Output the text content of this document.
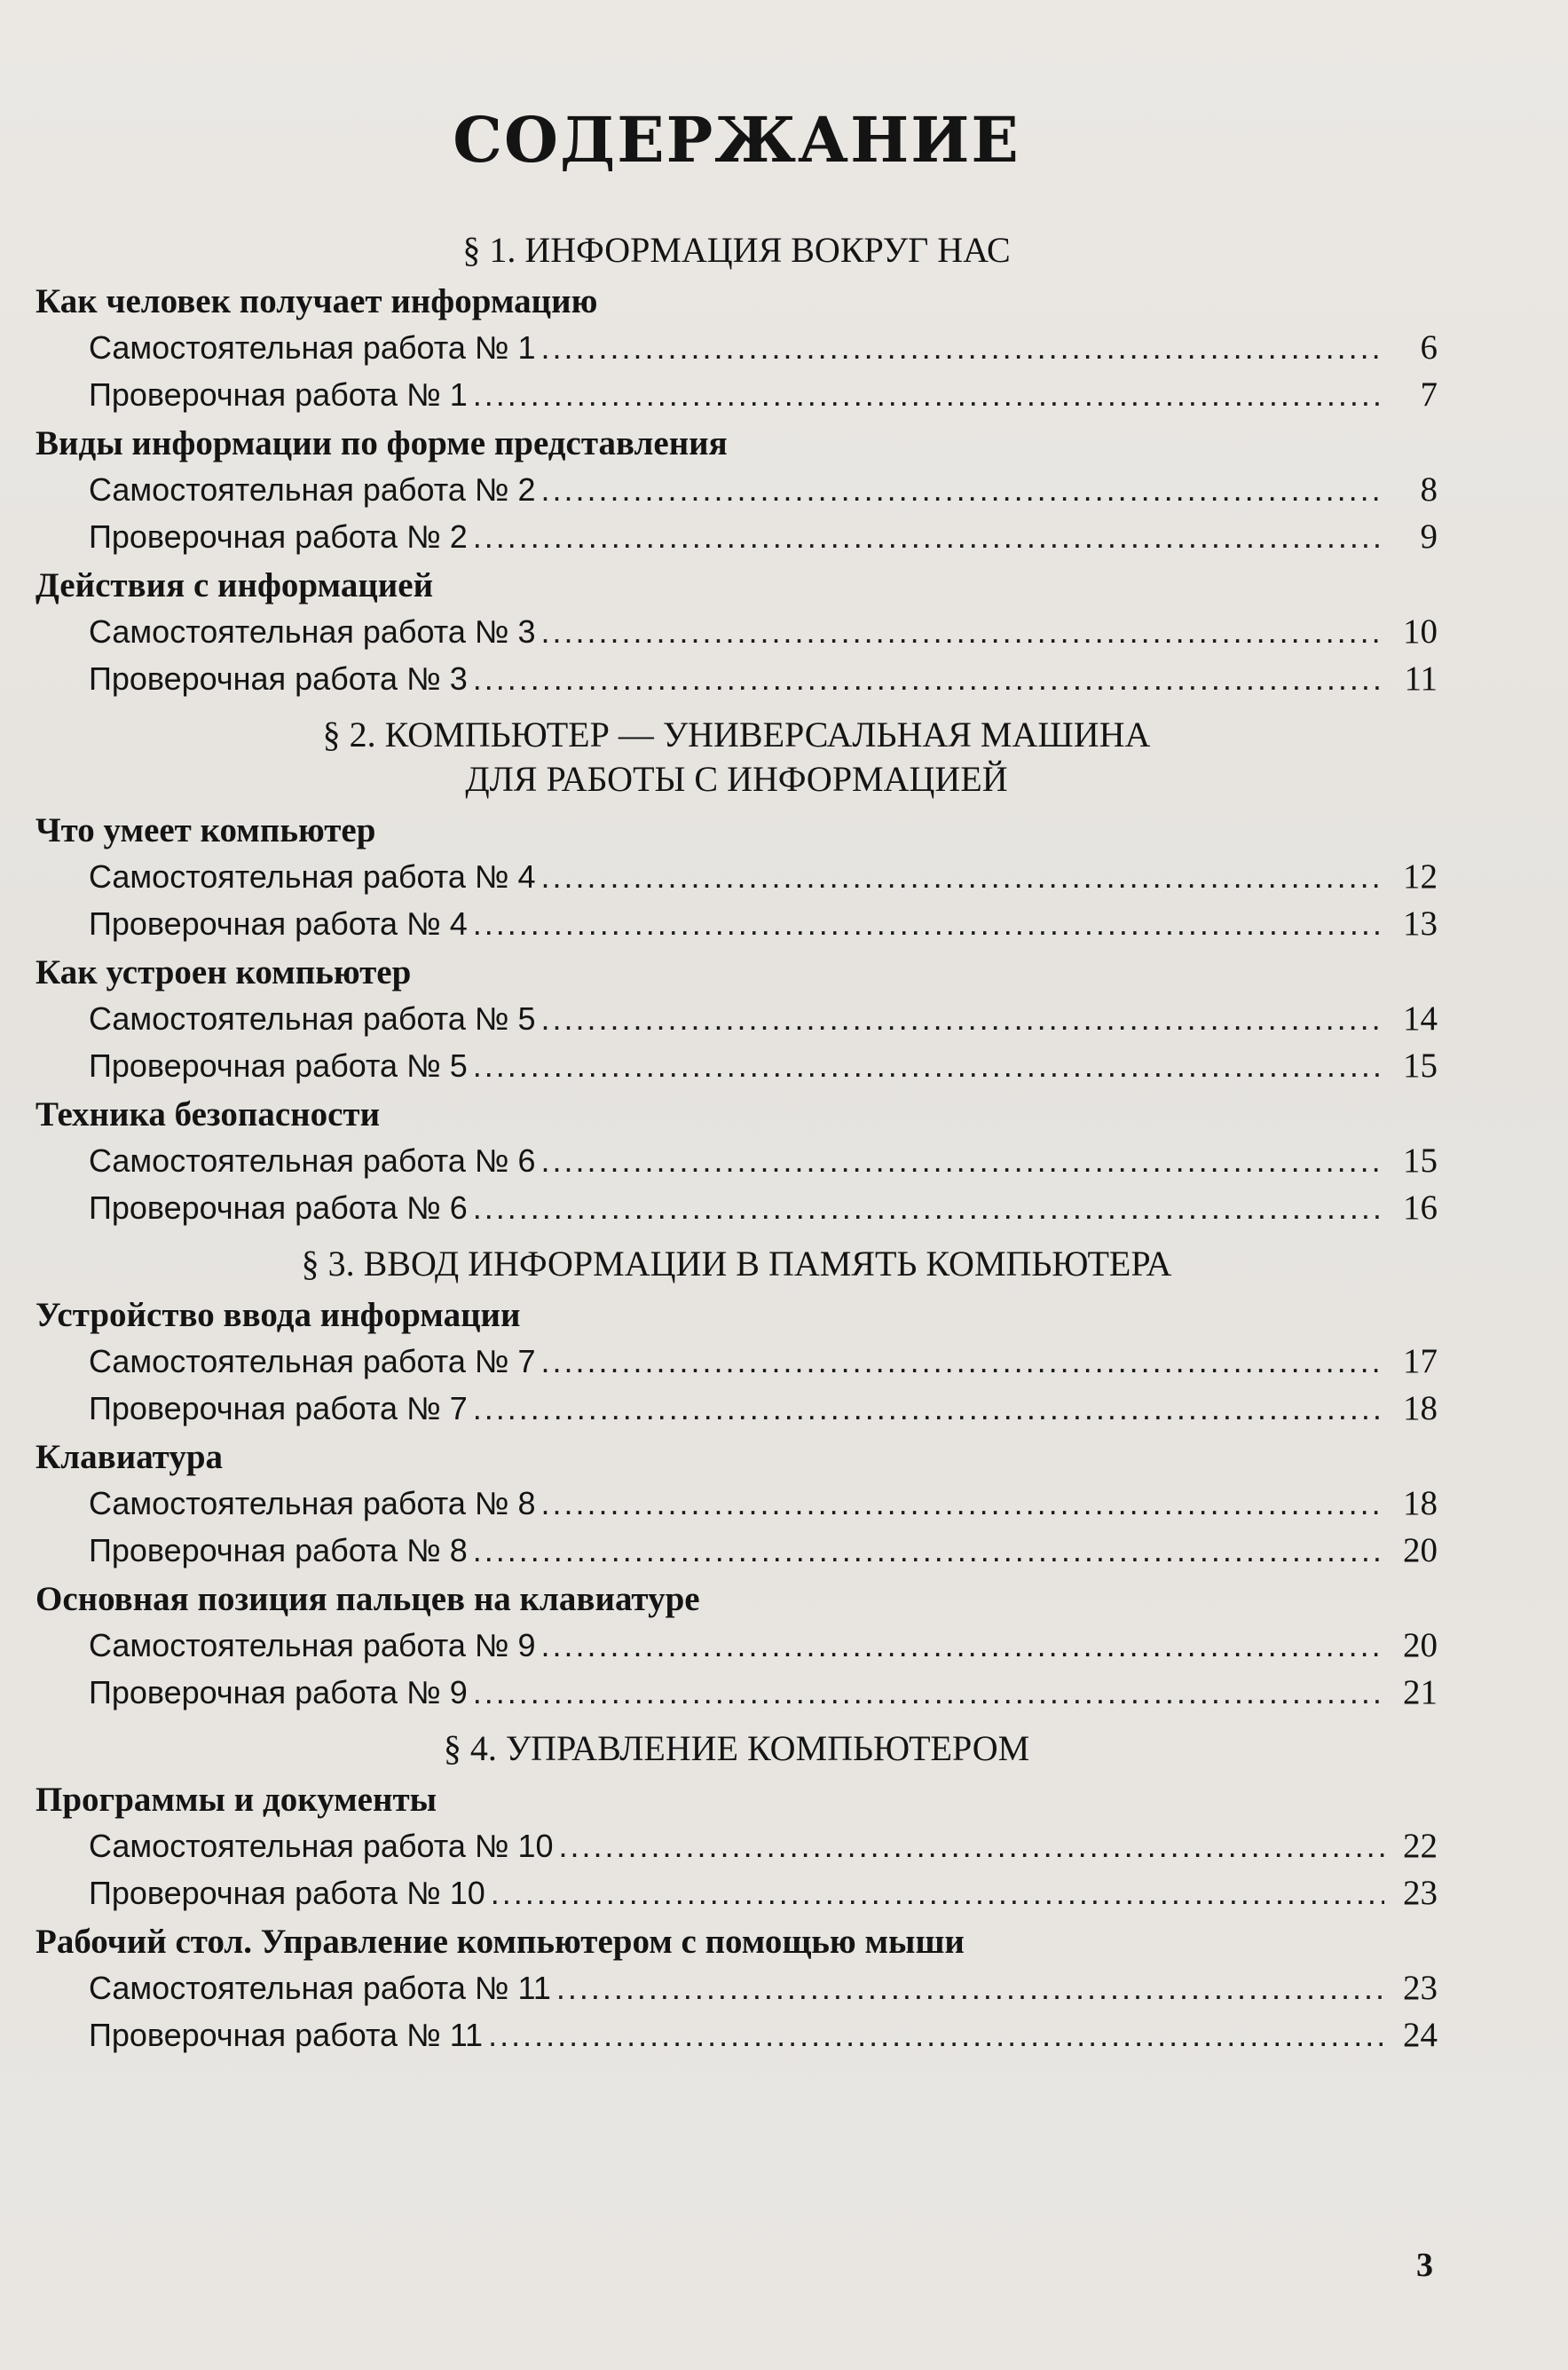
СОДЕРЖАНИЕ
§ 1. ИНФОРМАЦИЯ ВОКРУГ НАС
Как человек получает информацию
Самостоятельная работа № 1 .....	6
Проверочная работа № 1 .....	7
Виды информации по форме представления
Самостоятельная работа № 2 .....	8
Проверочная работа № 2 .....	9
Действия с информацией
Самостоятельная работа № 3 .....	10
Проверочная работа № 3 .....	11
§ 2. КОМПЬЮТЕР — УНИВЕРСАЛЬНАЯ МАШИНА
ДЛЯ РАБОТЫ С ИНФОРМАЦИЕЙ
Что умеет компьютер
Самостоятельная работа № 4 .....	12
Проверочная работа № 4 .....	13
Как устроен компьютер
Самостоятельная работа № 5 .....	14
Проверочная работа № 5 .....	15
Техника безопасности
Самостоятельная работа № 6 .....	15
Проверочная работа № 6 .....	16
§ 3. ВВОД ИНФОРМАЦИИ В ПАМЯТЬ КОМПЬЮТЕРА
Устройство ввода информации
Самостоятельная работа № 7 .....	17
Проверочная работа № 7 .....	18
Клавиатура
Самостоятельная работа № 8 .....	18
Проверочная работа № 8 .....	20
Основная позиция пальцев на клавиатуре
Самостоятельная работа № 9 .....	20
Проверочная работа № 9 .....	21
§ 4. УПРАВЛЕНИЕ КОМПЬЮТЕРОМ
Программы и документы
Самостоятельная работа № 10 .....	22
Проверочная работа № 10 .....	23
Рабочий стол. Управление компьютером с помощью мыши
Самостоятельная работа № 11 .....	23
Проверочная работа № 11 .....	24
3
